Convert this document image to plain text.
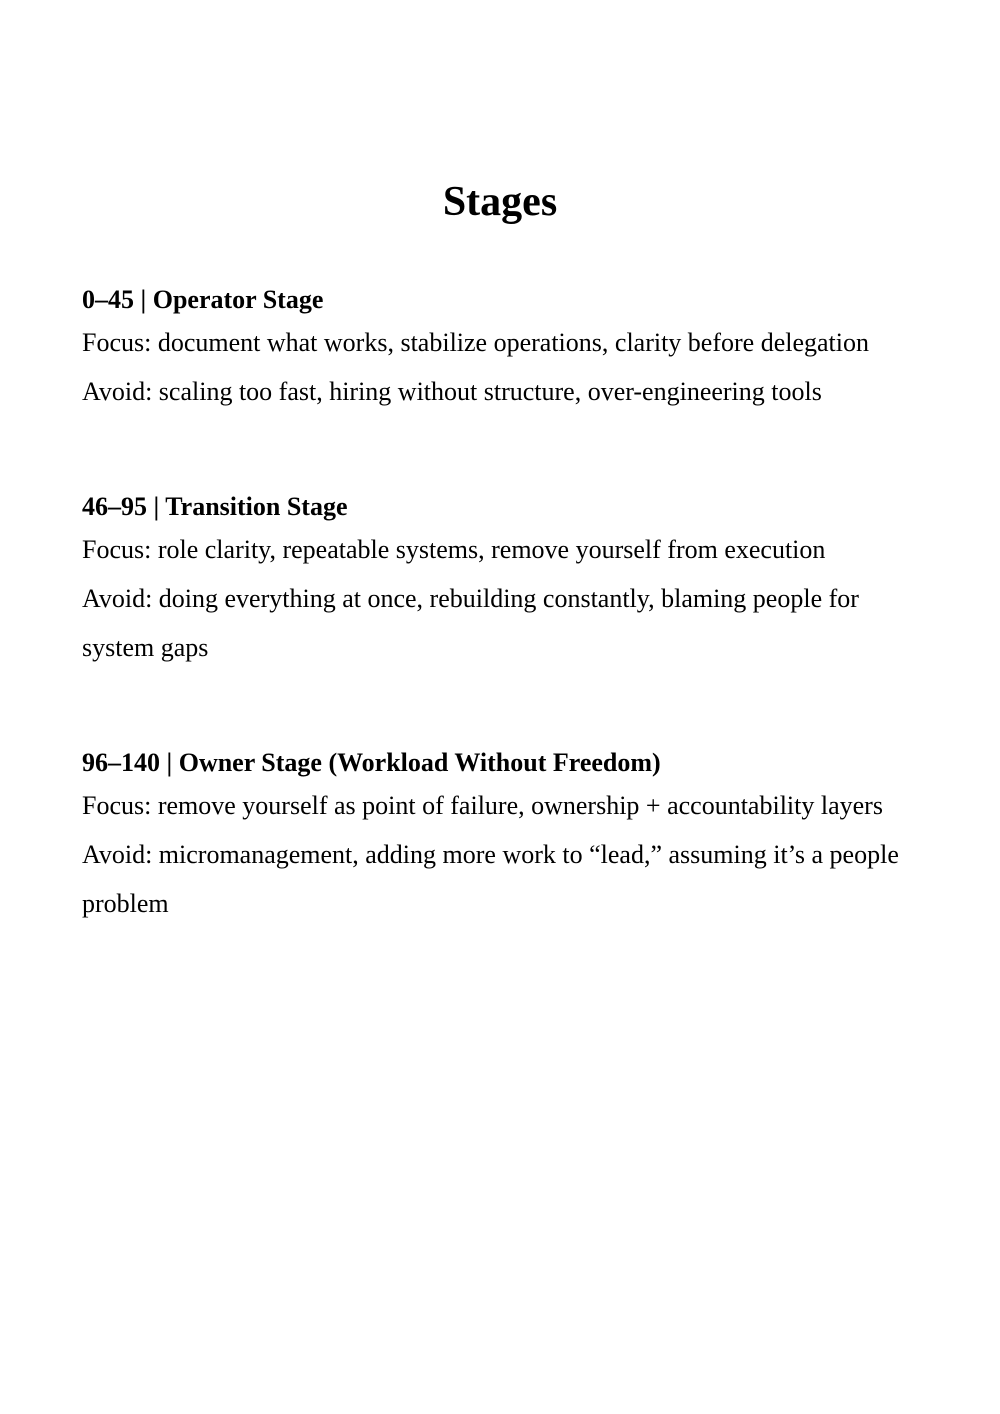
Stages
0–45 | Operator Stage

Focus: document what works, stabilize operations, clarity before delegation

Avoid: scaling too fast, hiring without structure, over-engineering tools

46–95 | Transition Stage

Focus: role clarity, repeatable systems, remove yourself from execution

Avoid: doing everything at once, rebuilding constantly, blaming people for system gaps

96–140 | Owner Stage (Workload Without Freedom)

Focus: remove yourself as point of failure, ownership + accountability layers

Avoid: micromanagement, adding more work to “lead,” assuming it’s a people problem
